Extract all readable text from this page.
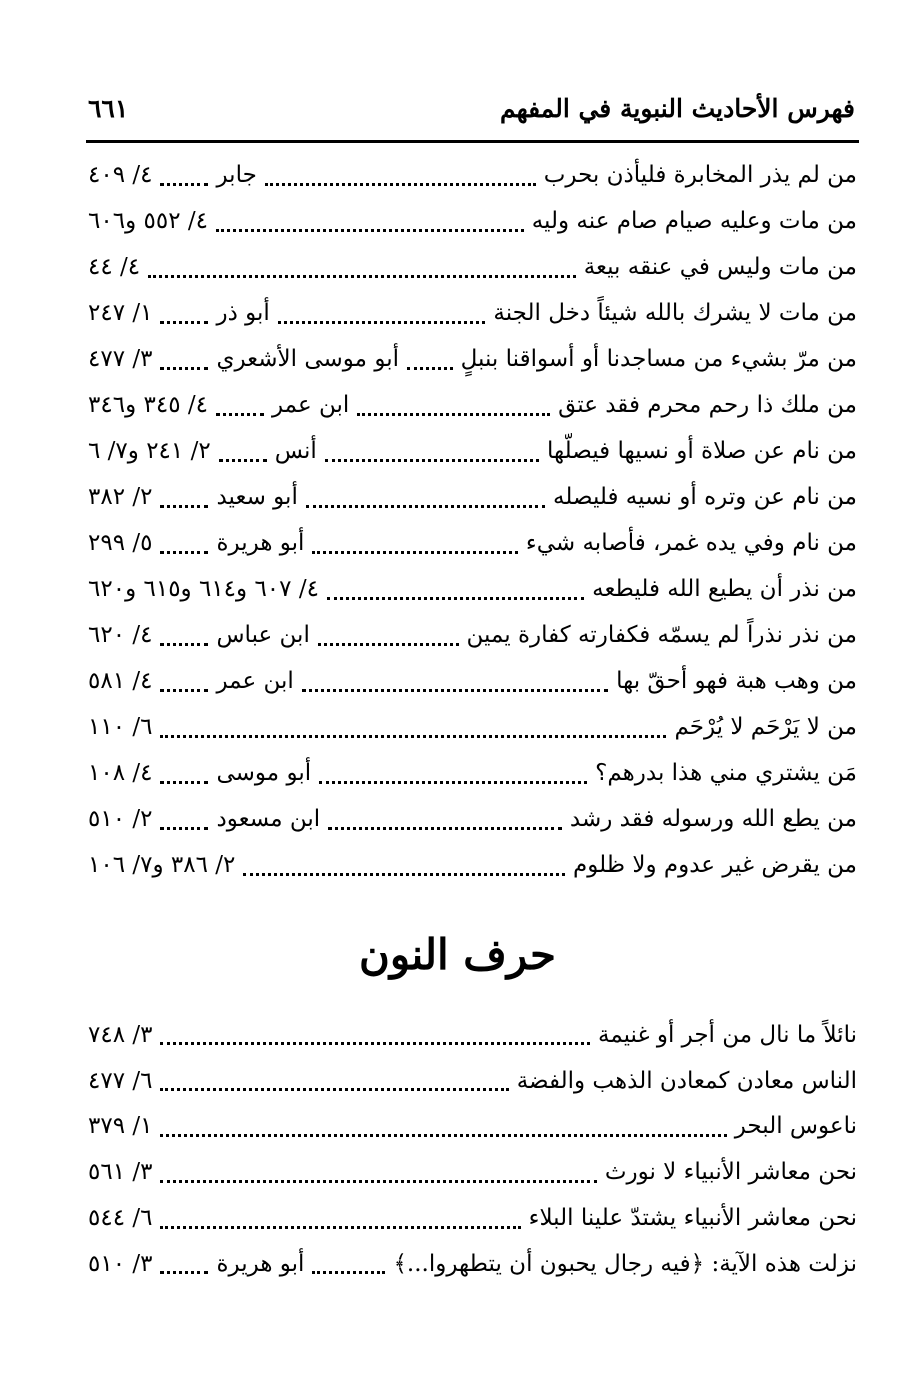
٦٦١	فهرس الأحاديث النبوية في المفهم
من لم يذر المخابرة فليأذن بحرب
جابر
٤/ ٤٠٩
من مات وعليه صيام صام عنه وليه
٤/ ٥٥٢ و٦٠٦
من مات وليس في عنقه بيعة
٤/ ٤٤
من مات لا يشرك بالله شيئاً دخل الجنة
أبو ذر
١/ ٢٤٧
من مرّ بشيء من مساجدنا أو أسواقنا بنبلٍ
أبو موسى الأشعري
٣/ ٤٧٧
من ملك ذا رحم محرم فقد عتق
ابن عمر
٤/ ٣٤٥ و٣٤٦
من نام عن صلاة أو نسيها فيصلّها
أنس
٢/ ٢٤١ و٧/ ٦
من نام عن وتره أو نسيه فليصله
أبو سعيد
٢/ ٣٨٢
من نام وفي يده غمر، فأصابه شيء
أبو هريرة
٥/ ٢٩٩
من نذر أن يطيع الله فليطعه
٤/ ٦٠٧ و٦١٤ و٦١٥ و٦٢٠
من نذر نذراً لم يسمّه فكفارته كفارة يمين
ابن عباس
٤/ ٦٢٠
من وهب هبة فهو أحقّ بها
ابن عمر
٤/ ٥٨١
من لا يَرْحَم لا يُرْحَم
٦/ ١١٠
مَن يشتري مني هذا بدرهم؟
أبو موسى
٤/ ١٠٨
من يطع الله ورسوله فقد رشد
ابن مسعود
٢/ ٥١٠
من يقرض غير عدوم ولا ظلوم
٢/ ٣٨٦ و٧/ ١٠٦
حرف النون
نائلاً ما نال من أجر أو غنيمة
٣/ ٧٤٨
الناس معادن كمعادن الذهب والفضة
٦/ ٤٧٧
ناعوس البحر
١/ ٣٧٩
نحن معاشر الأنبياء لا نورث
٣/ ٥٦١
نحن معاشر الأنبياء يشتدّ علينا البلاء
٦/ ٥٤٤
نزلت هذه الآية: ﴿فيه رجال يحبون أن يتطهروا...﴾
أبو هريرة
٣/ ٥١٠
